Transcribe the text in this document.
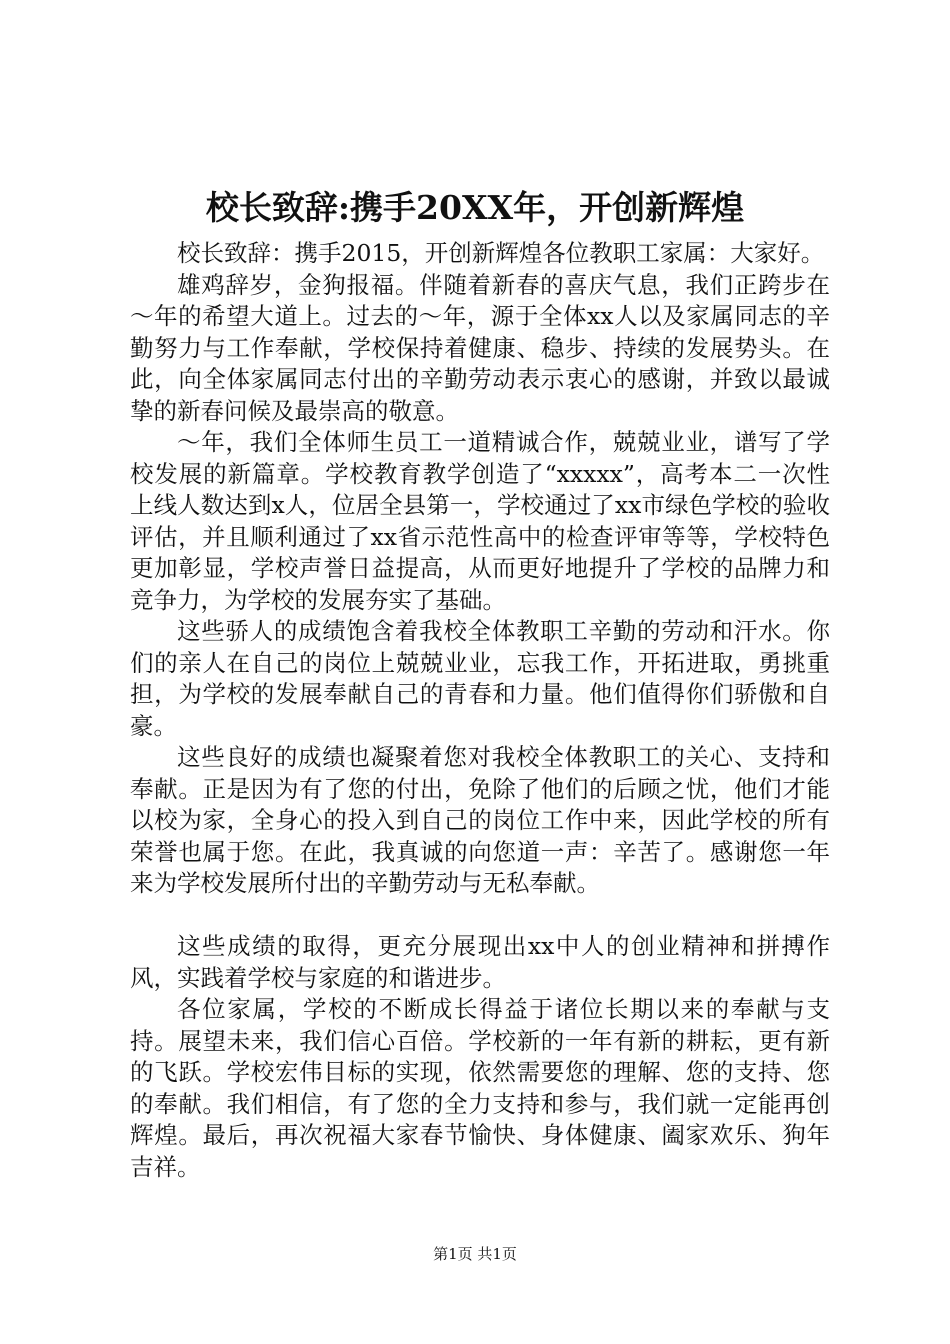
校长致辞:携手20XX年，开创新辉煌

校长致辞：携手2015，开创新辉煌各位教职工家属：大家好。

雄鸡辞岁，金狗报福。伴随着新春的喜庆气息，我们正跨步在～年的希望大道上。过去的～年，源于全体xx人以及家属同志的辛勤努力与工作奉献，学校保持着健康、稳步、持续的发展势头。在此，向全体家属同志付出的辛勤劳动表示衷心的感谢，并致以最诚挚的新春问候及最崇高的敬意。

～年，我们全体师生员工一道精诚合作，兢兢业业，谱写了学校发展的新篇章。学校教育教学创造了“xxxxx”，高考本二一次性上线人数达到x人，位居全县第一，学校通过了xx市绿色学校的验收评估，并且顺利通过了xx省示范性高中的检查评审等等，学校特色更加彰显，学校声誉日益提高，从而更好地提升了学校的品牌力和竞争力，为学校的发展夯实了基础。

这些骄人的成绩饱含着我校全体教职工辛勤的劳动和汗水。你们的亲人在自己的岗位上兢兢业业，忘我工作，开拓进取，勇挑重担，为学校的发展奉献自己的青春和力量。他们值得你们骄傲和自豪。

这些良好的成绩也凝聚着您对我校全体教职工的关心、支持和奉献。正是因为有了您的付出，免除了他们的后顾之忧，他们才能以校为家，全身心的投入到自己的岗位工作中来，因此学校的所有荣誉也属于您。在此，我真诚的向您道一声：辛苦了。感谢您一年来为学校发展所付出的辛勤劳动与无私奉献。

这些成绩的取得，更充分展现出xx中人的创业精神和拼搏作风，实践着学校与家庭的和谐进步。

各位家属，学校的不断成长得益于诸位长期以来的奉献与支持。展望未来，我们信心百倍。学校新的一年有新的耕耘，更有新的飞跃。学校宏伟目标的实现，依然需要您的理解、您的支持、您的奉献。我们相信，有了您的全力支持和参与，我们就一定能再创辉煌。最后，再次祝福大家春节愉快、身体健康、阖家欢乐、狗年吉祥。

第1页 共1页
